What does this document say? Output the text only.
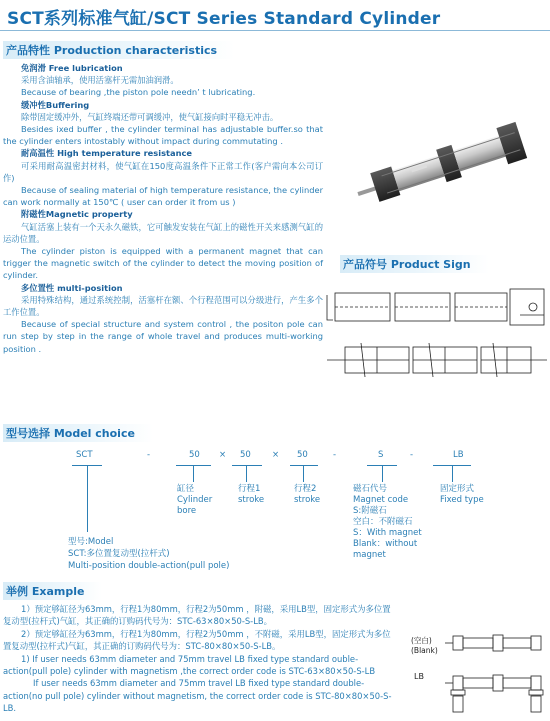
SCT系列标准气缸/SCT Series Standard Cylinder
产品特性 Production characteristics

免润滑 Free lubrication

采用含油轴承，使用活塞杆无需加油润滑。

Because of bearing ,the piston pole needn’ t lubricating.

缓冲性Buffering

除带固定缓冲外，气缸终端还带可调缓冲，使气缸接向时平稳无冲击。

Besides ixed buffer , the cylinder terminal has adjustable buffer.so that the cylinder enters intostably without impact during commutating .

耐高温性 High temperature resistance

可采用耐高温密封材料，使气缸在150度高温条件下正常工作(客户需向本公司订作)

Because of sealing material of high temperature resistance, the cylinder can work normally at 150℃ ( user can order it from us )

附磁性Magnetic property

气缸活塞上装有一个天永久磁铁，它可触发安装在气缸上的磁性开关来感测气缸的运动位置。

The cylinder piston is equipped with a permanent magnet that can trigger the magnetic switch of the cylinder to detect the moving position of cylinder.

多位置性 multi-position

采用特殊结构，通过系统控制，活塞杆在额、个行程范围可以分级进行，产生多个工作位置。

Because of special structure and system control , the positon pole can run step by step in the range of whole travel and produces multi-working position .

产品符号 Product Sign
型号选择 Model choice
SCT	-	50 × 50 × 50	-	S	-	LB
缸径
Cylinder
bore
行程1
stroke
行程2
stroke
磁石代号
Magnet code
S:附磁石
空白：不附磁石
S：With magnet
Blank：without
magnet
固定形式
Fixed type
型号:Model
SCT:多位置复动型(拉杆式)
Multi-position double-action(pull pole)
举例 Example

1）预定够缸径为63mm，行程1为80mm，行程2为50mm ，附磁，采用LB型，固定形式为多位置复动型(拉杆式)气缸，其正确的订购码代号为：STC-63×80×50-S-LB。

2）预定够缸径为63mm，行程1为80mm，行程2为50mm ，不附磁，采用LB型，固定形式为多位置复动型(拉杆式)气缸，其正确的订购码代号为：STC-80×80×50-S-LB。

1) If user needs 63mm diameter and 75mm travel LB fixed type standard ouble-action(pull pole) cylinder with magnetism ,the correct order code is STC-63×80×50-S-LB

If user needs 63mm diameter and 75mm travel LB fixed type standard double-action(no pull pole) cylinder without magnetism, the correct order code is STC-80×80×50-S-LB.

(空白)
(Blank)
LB
